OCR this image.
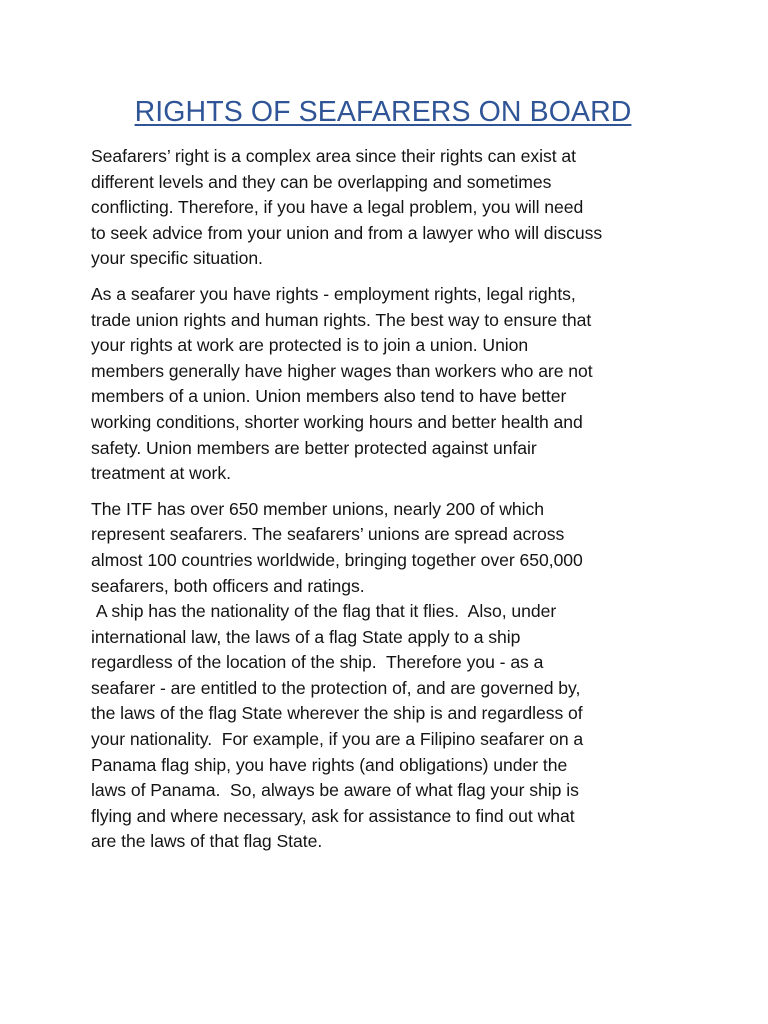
RIGHTS OF SEAFARERS ON BOARD

Seafarers’ right is a complex area since their rights can exist at
different levels and they can be overlapping and sometimes
conflicting. Therefore, if you have a legal problem, you will need
to seek advice from your union and from a lawyer who will discuss
your specific situation.

As a seafarer you have rights - employment rights, legal rights,
trade union rights and human rights. The best way to ensure that
your rights at work are protected is to join a union. Union
members generally have higher wages than workers who are not
members of a union. Union members also tend to have better
working conditions, shorter working hours and better health and
safety. Union members are better protected against unfair
treatment at work.

The ITF has over 650 member unions, nearly 200 of which
represent seafarers. The seafarers’ unions are spread across
almost 100 countries worldwide, bringing together over 650,000
seafarers, both officers and ratings.

A ship has the nationality of the flag that it flies.  Also, under
international law, the laws of a flag State apply to a ship
regardless of the location of the ship.  Therefore you - as a
seafarer - are entitled to the protection of, and are governed by,
the laws of the flag State wherever the ship is and regardless of
your nationality.  For example, if you are a Filipino seafarer on a
Panama flag ship, you have rights (and obligations) under the
laws of Panama.  So, always be aware of what flag your ship is
flying and where necessary, ask for assistance to find out what
are the laws of that flag State.
